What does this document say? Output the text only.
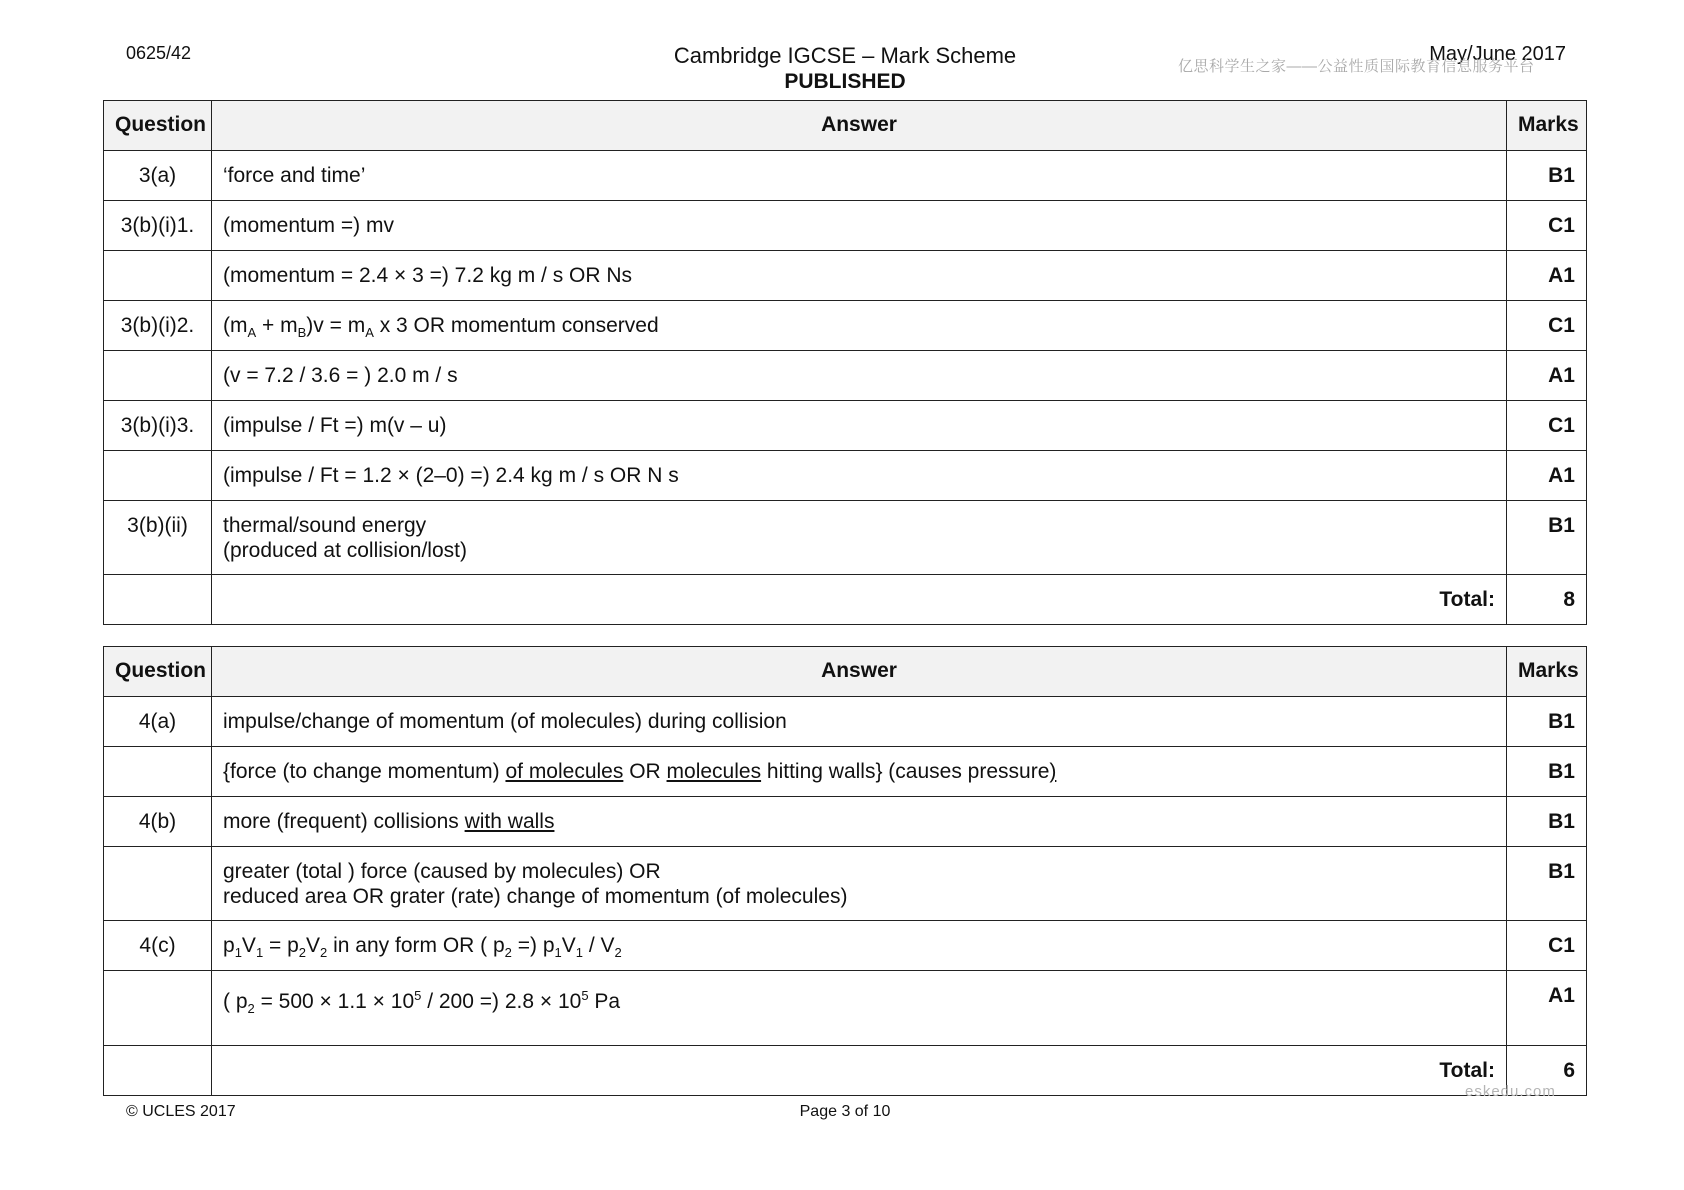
0625/42	Cambridge IGCSE – Mark Scheme
PUBLISHED
May/June 2017
亿思科学生之家——公益性质国际教育信息服务平台
Question	Answer	Marks
3(a)	‘force and time’	B1
3(b)(i)1.	(momentum =) mv	C1
	(momentum = 2.4 × 3 =) 7.2 kg m / s OR Ns	A1
3(b)(i)2.	$(m_A + m_B)v = m_A$ x 3 OR momentum conserved	C1
	(v = 7.2 / 3.6 = ) 2.0 m / s	A1
3(b)(i)3.	(impulse / Ft =) m(v – u)	C1
	(impulse / Ft = 1.2 × (2–0) =) 2.4 kg m / s OR N s	A1
3(b)(ii)	thermal/sound energy
(produced at collision/lost)	B1
	Total:	8
Question	Answer	Marks
4(a)	impulse/change of momentum (of molecules) during collision	B1
	{force (to change momentum) of molecules OR molecules hitting walls} (causes pressure)	B1
4(b)	more (frequent) collisions with walls	B1

	greater (total ) force (caused by molecules) OR
reduced area OR grater (rate) change of momentum (of molecules)	B1
4(c)	$p_1V_1 = p_2V_2$ in any form OR ( $p_2$ =) $p_1V_1 / V_2$	C1
	( $p_2 = 500 \times 1.1 \times 10^5 / 200$ =) $2.8 \times 10^5$ Pa	A1
	Total:	6
eskedu.com
© UCLES 2017	Page 3 of 10
